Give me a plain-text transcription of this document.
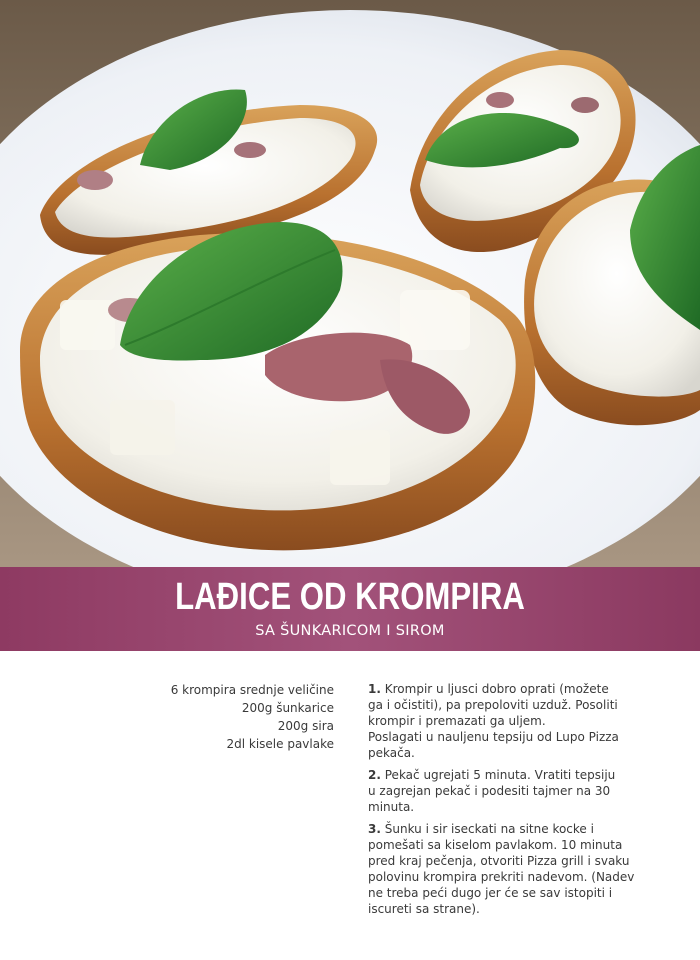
LAĐICE OD KROMPIRA
SA ŠUNKARICOM I SIROM
6 krompira srednje veličine
200g šunkarice
200g sira
2dl kisele pavlake
1. Krompir u ljusci dobro oprati (možete
ga i očistiti), pa prepoloviti uzduž. Posoliti
krompir i premazati ga uljem.
Poslagati u nauljenu tepsiju od Lupo Pizza
pekača.
2. Pekač ugrejati 5 minuta. Vratiti tepsiju
u zagrejan pekač i podesiti tajmer na 30
minuta.
3. Šunku i sir iseckati na sitne kocke i
pomešati sa kiselom pavlakom. 10 minuta
pred kraj pečenja, otvoriti Pizza grill i svaku
polovinu krompira prekriti nadevom. (Nadev
ne treba peći dugo jer će se sav istopiti i
iscureti sa strane).
